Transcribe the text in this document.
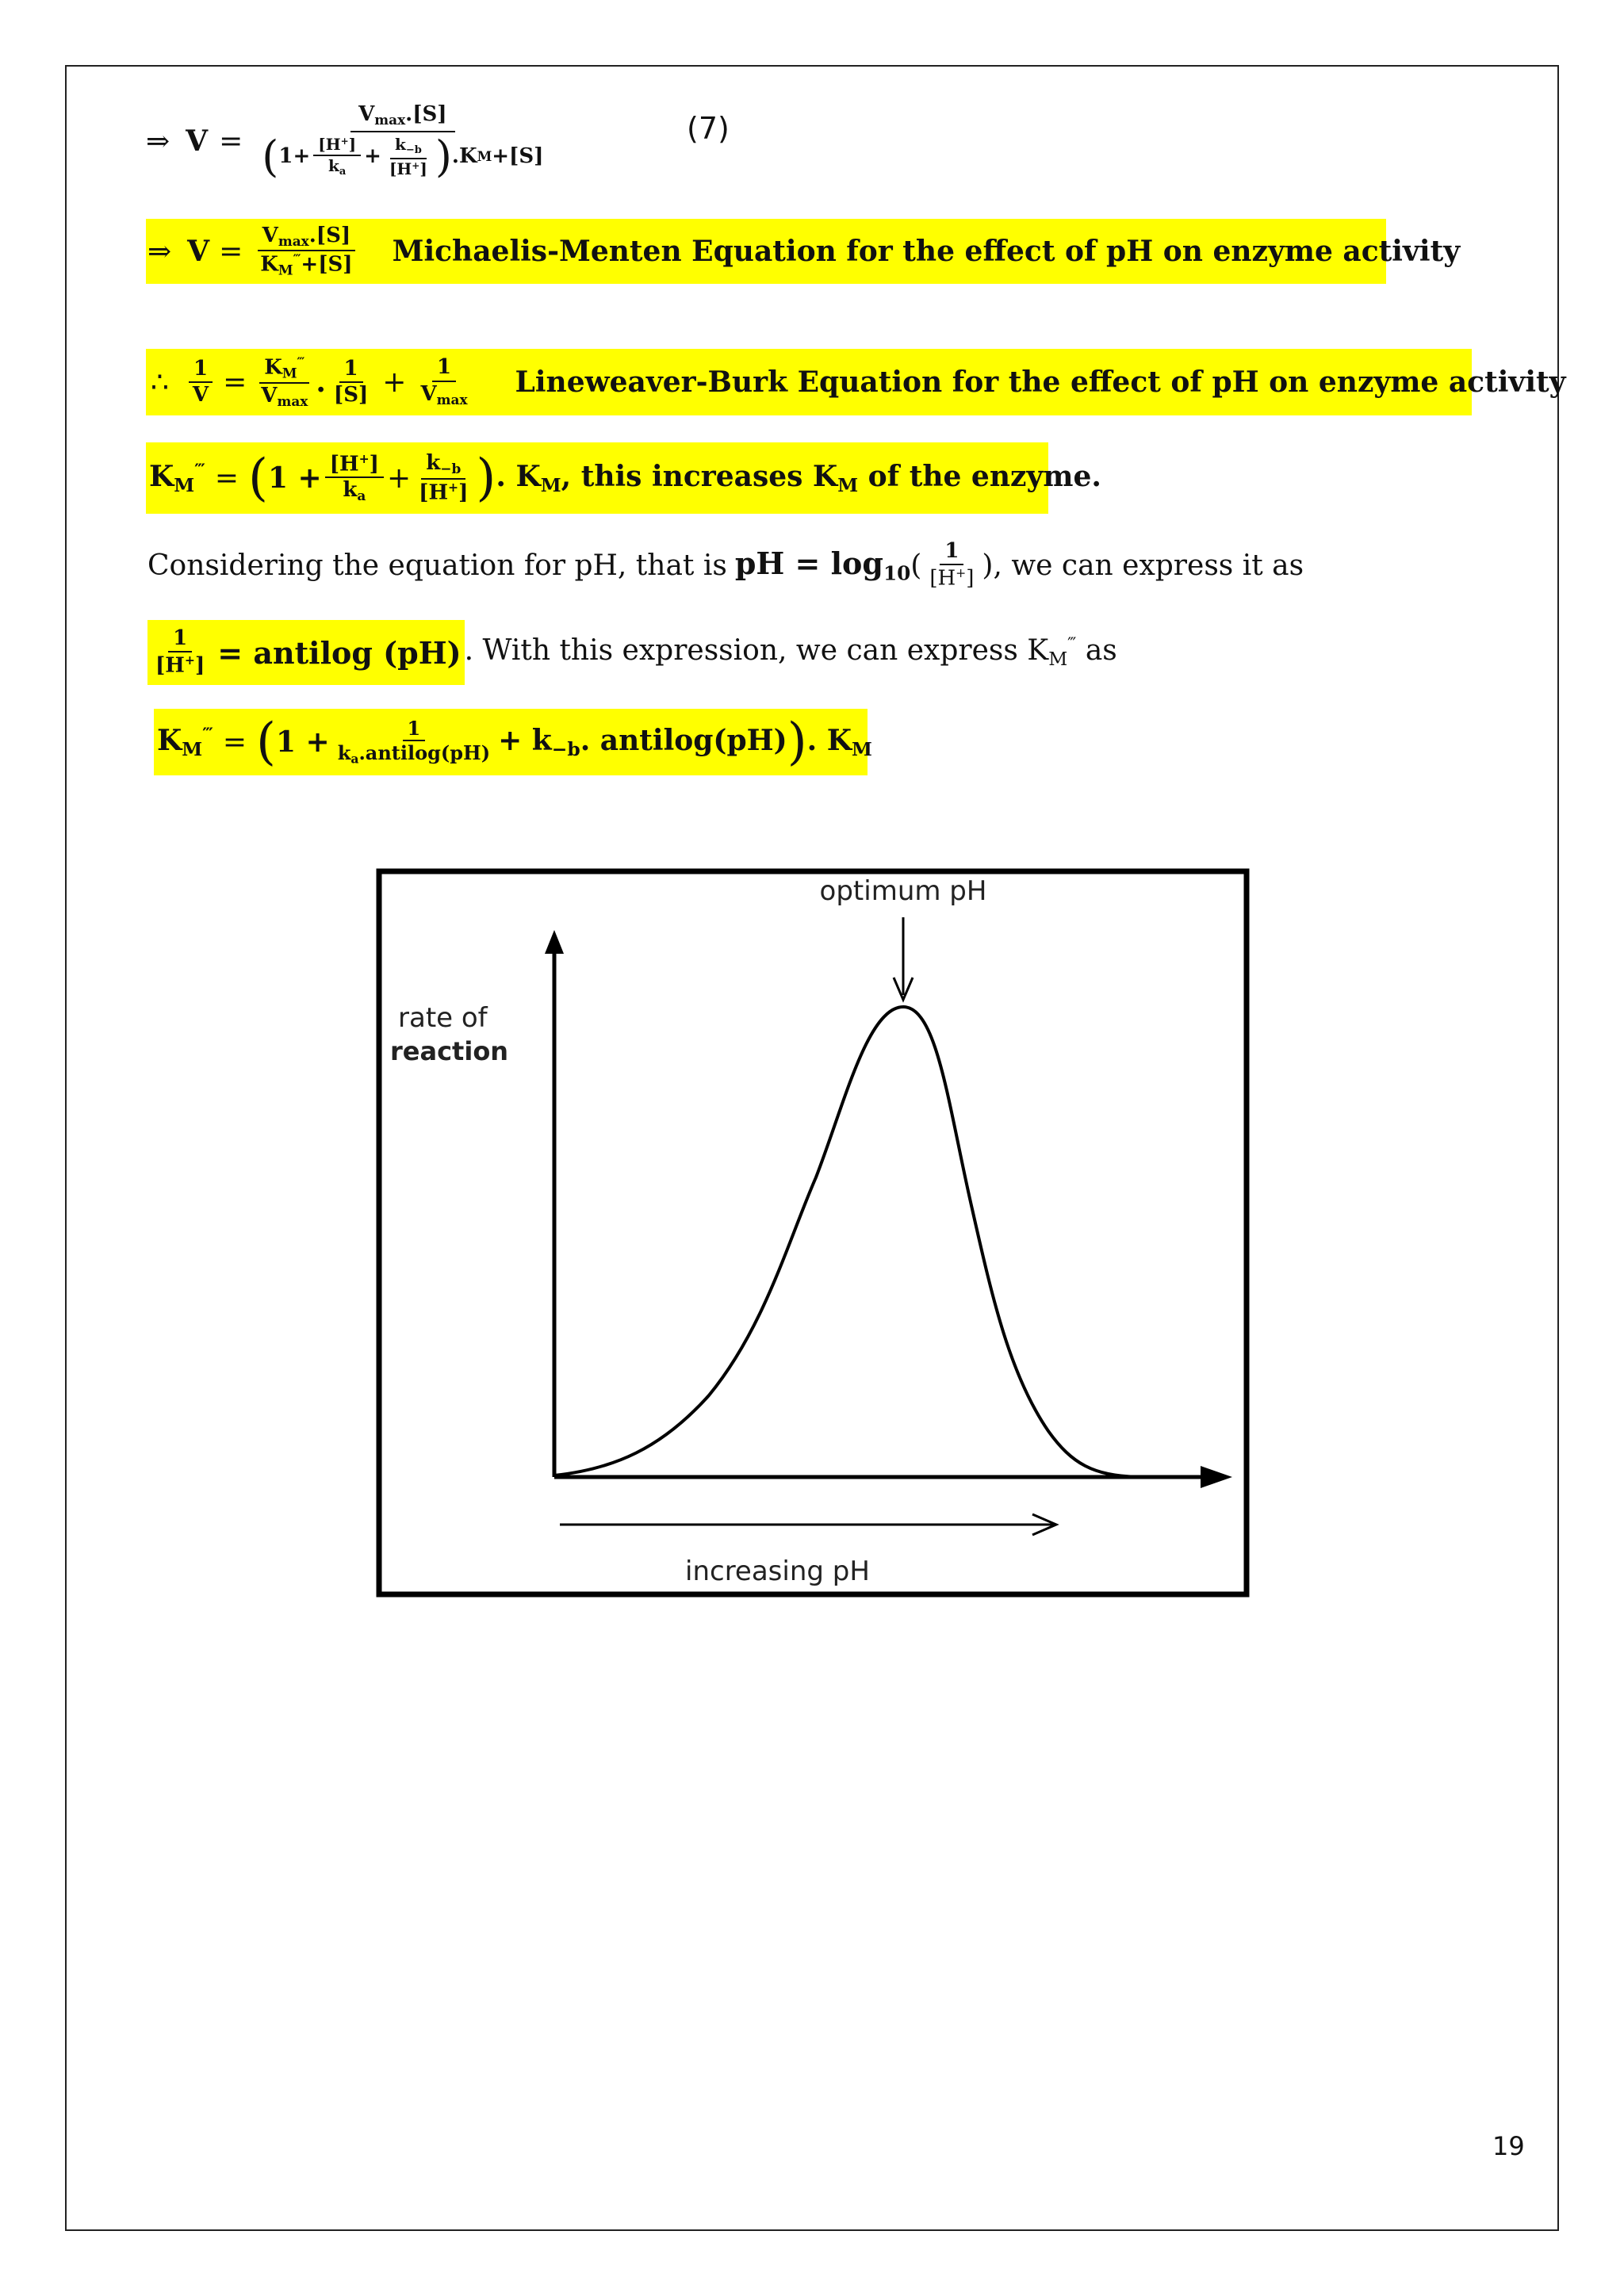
⇒ V =
$V_{max}.[S]$
( $1+ \frac{[H^+]}{k_a} + \frac{k_{-b}}{[H^+]}$ ) .K M +[S]
(7)
⇒ $V = \frac{V_{max}.[S]}{K_M^‴+[S]}$ Michaelis-Menten Equation for the effect of pH on enzyme activity
∴ $\frac{1}{V} = \frac{K_M^‴}{V_{max}}$ . $\frac{1}{[S]} + \frac{1}{V_{max}}$ Lineweaver-Burk Equation for the effect of pH on enzyme activity
$K_M^‴$ = ( $1 + \frac{[H^+]}{k_a} + \frac{k_{-b}}{[H^+]}$ ) . $K_M$ , this increases $K_M$ of the enzyme.
Considering the equation for pH, that is pH = $\log_{10}$ ( $\frac{1}{[H^+]}$ ), we can express it as
$\frac{1}{[H^+]}$ = antilog (pH) . With this expression, we can express $K_M^‴$ as
$K_M^‴$ = ( $1 + \frac{1}{k_a.antilog(pH)} + k_{-b}$. antilog(pH) ) . $K_M$
optimum pH
rate of
reaction
increasing pH
19
